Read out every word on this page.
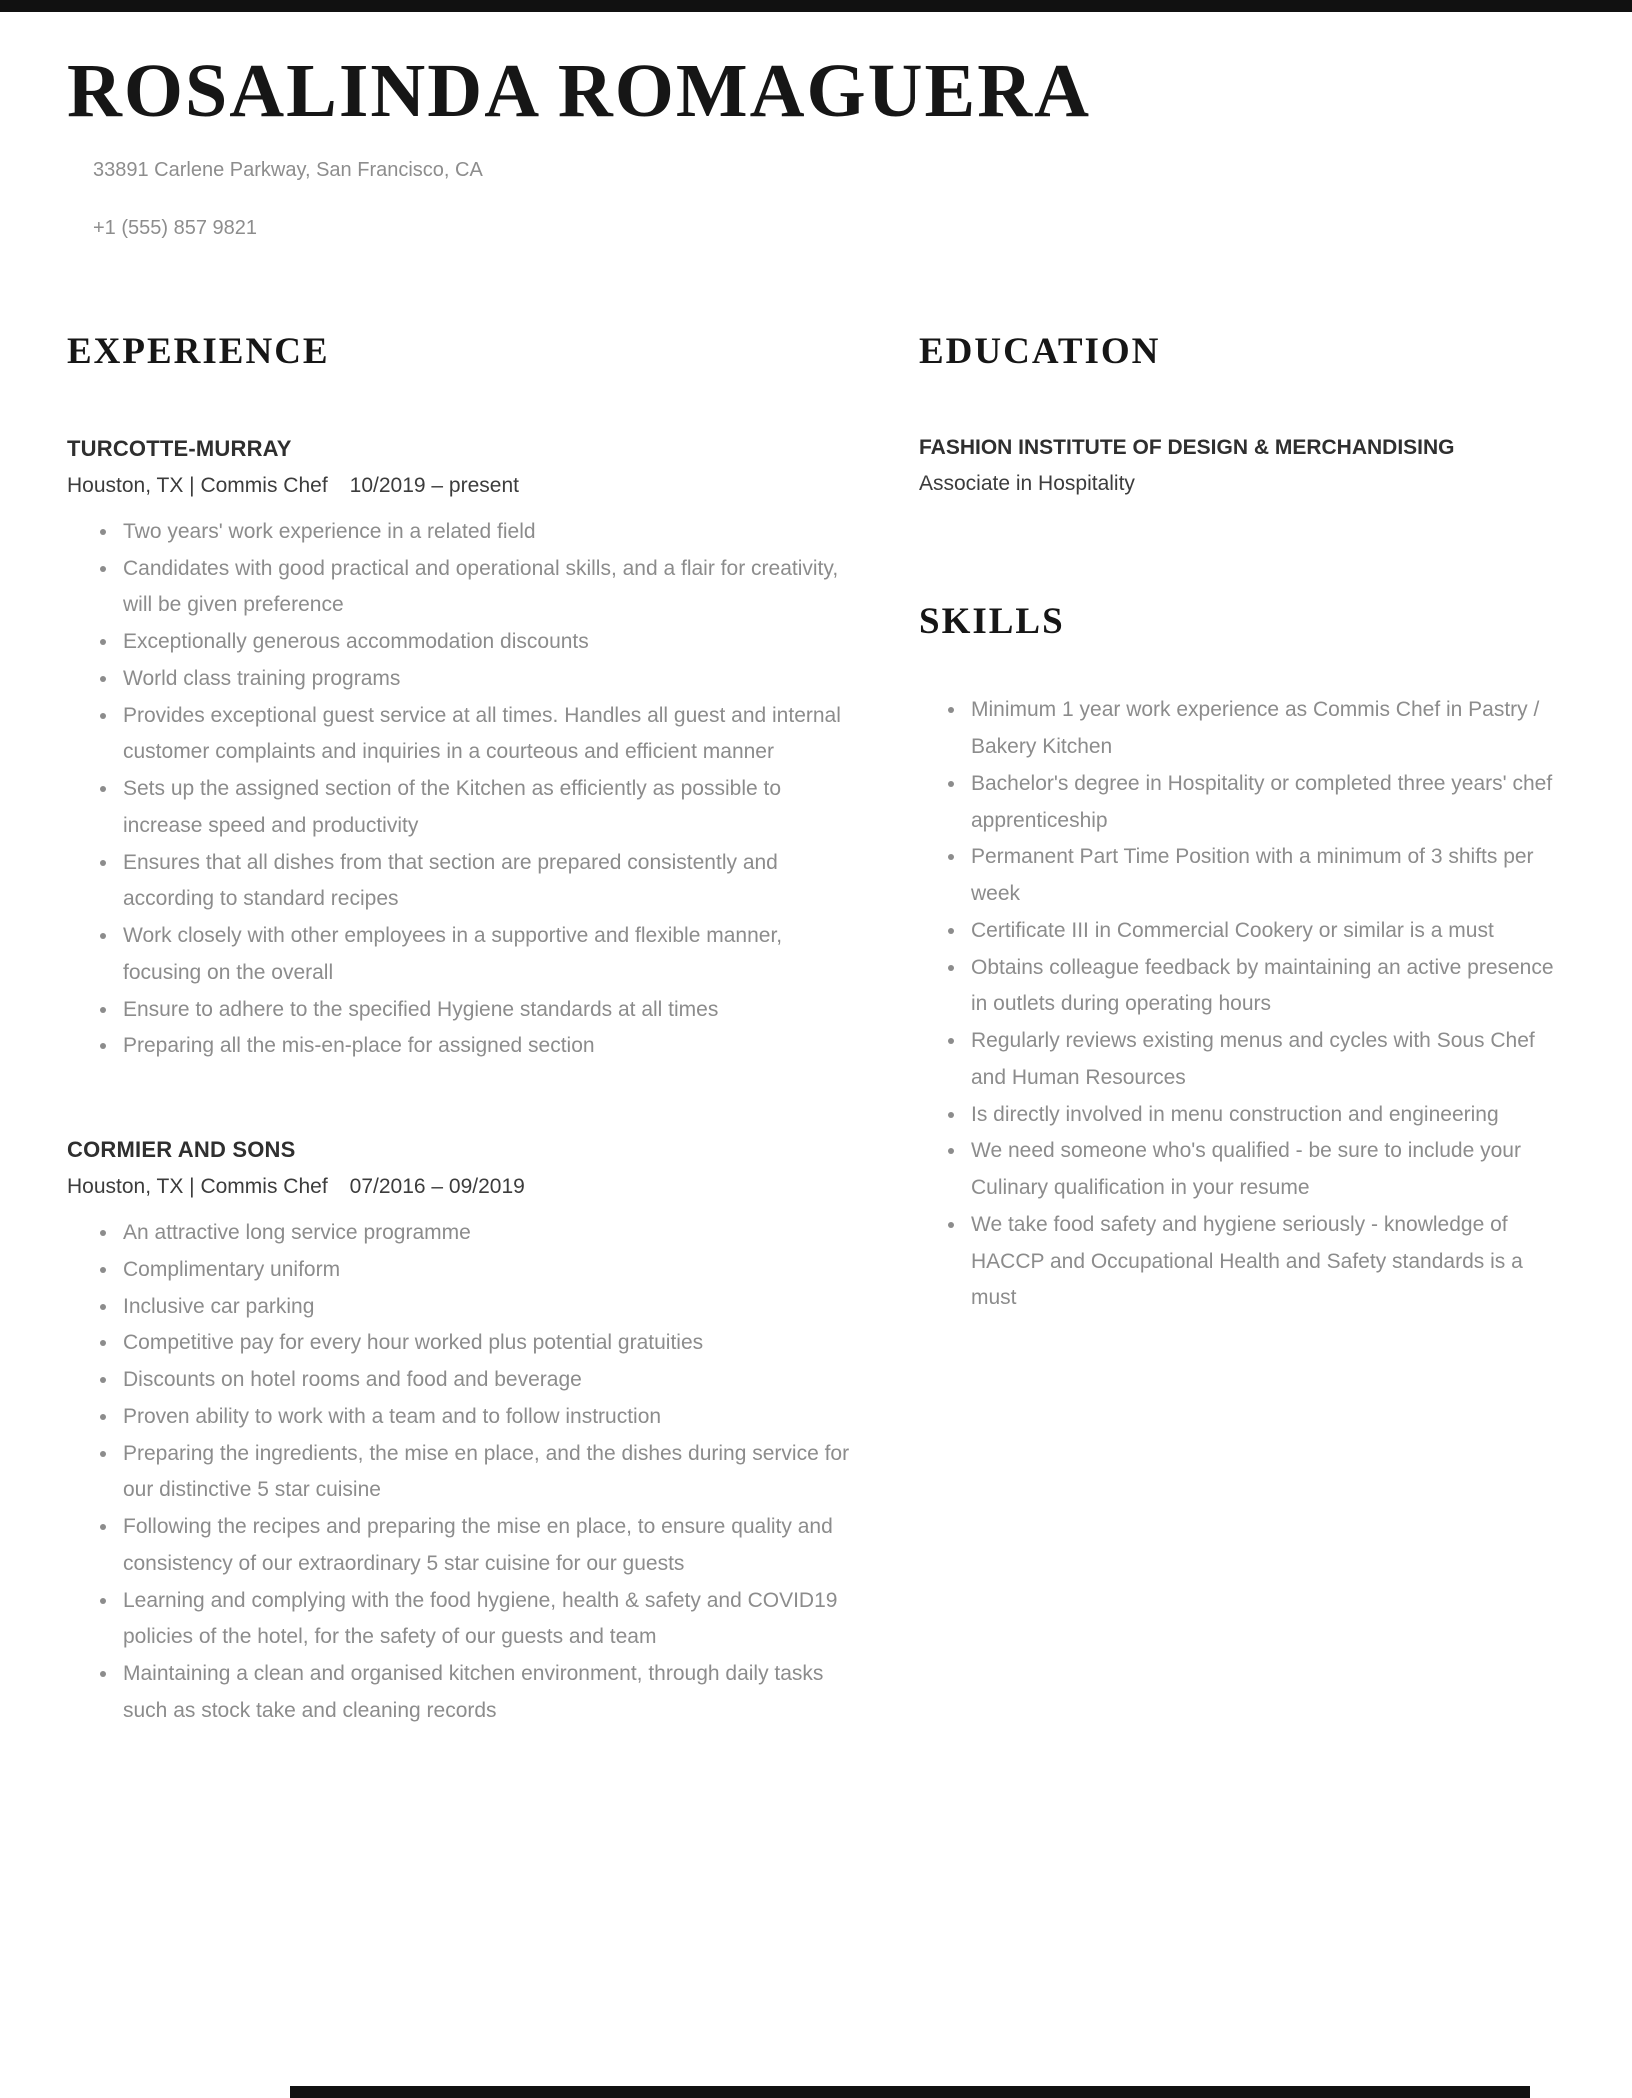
ROSALINDA ROMAGUERA
33891 Carlene Parkway, San Francisco, CA
+1 (555) 857 9821
EXPERIENCE
TURCOTTE-MURRAY
Houston, TX | Commis Chef 10/2019 – present
• Two years' work experience in a related field
• Candidates with good practical and operational skills, and a flair for creativity, will be given preference
• Exceptionally generous accommodation discounts
• World class training programs
• Provides exceptional guest service at all times. Handles all guest and internal customer complaints and inquiries in a courteous and efficient manner
• Sets up the assigned section of the Kitchen as efficiently as possible to increase speed and productivity
• Ensures that all dishes from that section are prepared consistently and according to standard recipes
• Work closely with other employees in a supportive and flexible manner, focusing on the overall
• Ensure to adhere to the specified Hygiene standards at all times
• Preparing all the mis-en-place for assigned section
CORMIER AND SONS
Houston, TX | Commis Chef 07/2016 – 09/2019
• An attractive long service programme
• Complimentary uniform
• Inclusive car parking
• Competitive pay for every hour worked plus potential gratuities
• Discounts on hotel rooms and food and beverage
• Proven ability to work with a team and to follow instruction
• Preparing the ingredients, the mise en place, and the dishes during service for our distinctive 5 star cuisine
• Following the recipes and preparing the mise en place, to ensure quality and consistency of our extraordinary 5 star cuisine for our guests
• Learning and complying with the food hygiene, health & safety and COVID19 policies of the hotel, for the safety of our guests and team
• Maintaining a clean and organised kitchen environment, through daily tasks such as stock take and cleaning records
EDUCATION
FASHION INSTITUTE OF DESIGN & MERCHANDISING
Associate in Hospitality
SKILLS
• Minimum 1 year work experience as Commis Chef in Pastry / Bakery Kitchen
• Bachelor's degree in Hospitality or completed three years' chef apprenticeship
• Permanent Part Time Position with a minimum of 3 shifts per week
• Certificate III in Commercial Cookery or similar is a must
• Obtains colleague feedback by maintaining an active presence in outlets during operating hours
• Regularly reviews existing menus and cycles with Sous Chef and Human Resources
• Is directly involved in menu construction and engineering
• We need someone who's qualified - be sure to include your Culinary qualification in your resume
• We take food safety and hygiene seriously - knowledge of HACCP and Occupational Health and Safety standards is a must
